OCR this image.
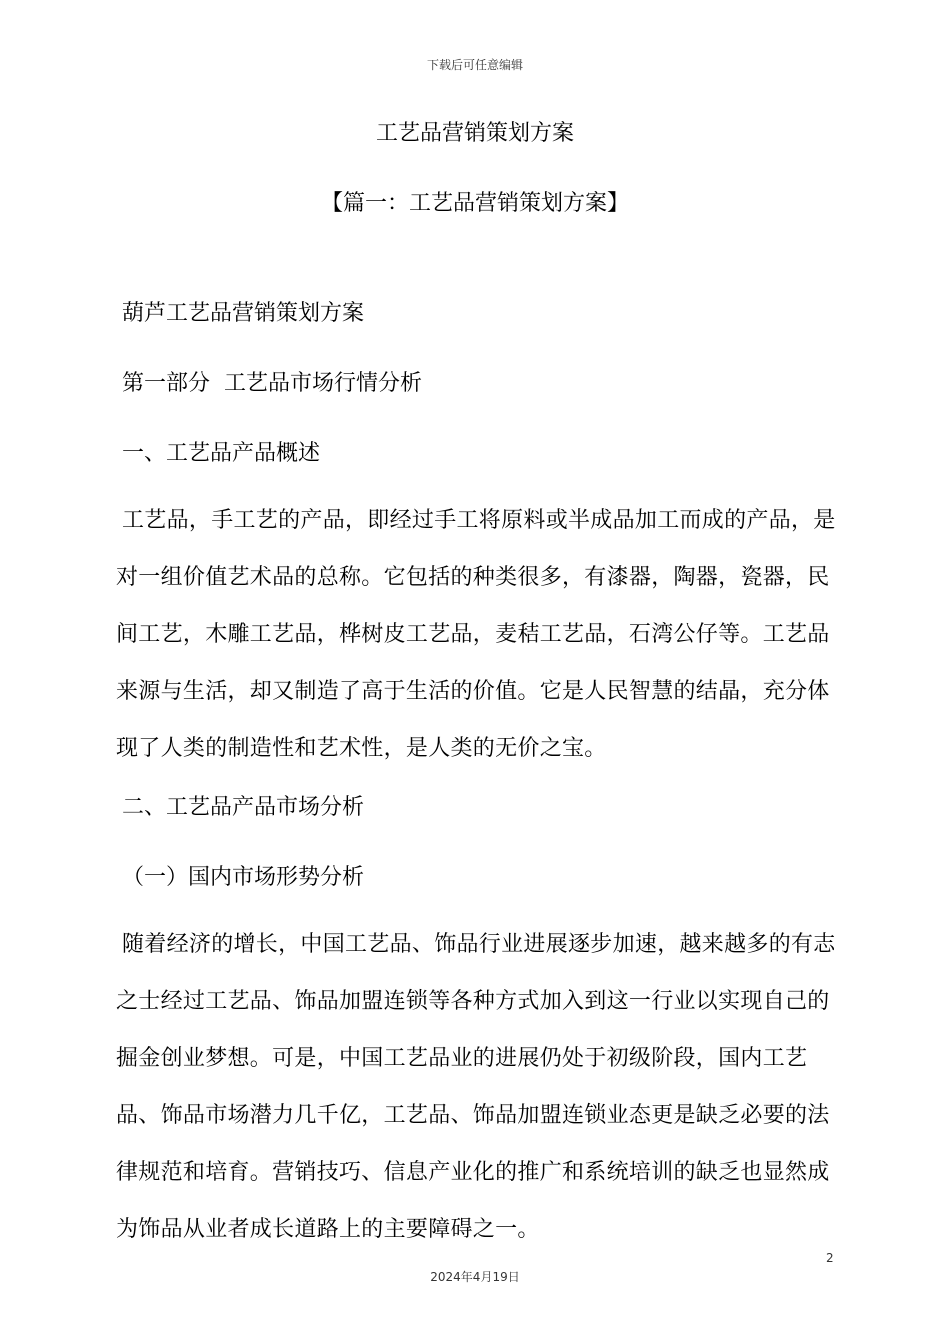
下载后可任意编辑
工艺品营销策划方案
【篇一：工艺品营销策划方案】
葫芦工艺品营销策划方案
第一部分  工艺品市场行情分析
一、工艺品产品概述

工艺品，手工艺的产品，即经过手工将原料或半成品加工而成的产品，是对一组价值艺术品的总称。它包括的种类很多，有漆器，陶器，瓷器，民间工艺，木雕工艺品，桦树皮工艺品，麦秸工艺品，石湾公仔等。工艺品来源与生活，却又制造了高于生活的价值。它是人民智慧的结晶，充分体现了人类的制造性和艺术性，是人类的无价之宝。

二、工艺品产品市场分析
（一）国内市场形势分析

随着经济的增长，中国工艺品、饰品行业进展逐步加速，越来越多的有志之士经过工艺品、饰品加盟连锁等各种方式加入到这一行业以实现自己的掘金创业梦想。可是，中国工艺品业的进展仍处于初级阶段，国内工艺品、饰品市场潜力几千亿，工艺品、饰品加盟连锁业态更是缺乏必要的法律规范和培育。营销技巧、信息产业化的推广和系统培训的缺乏也显然成为饰品从业者成长道路上的主要障碍之一。

2
2024年4月19日
